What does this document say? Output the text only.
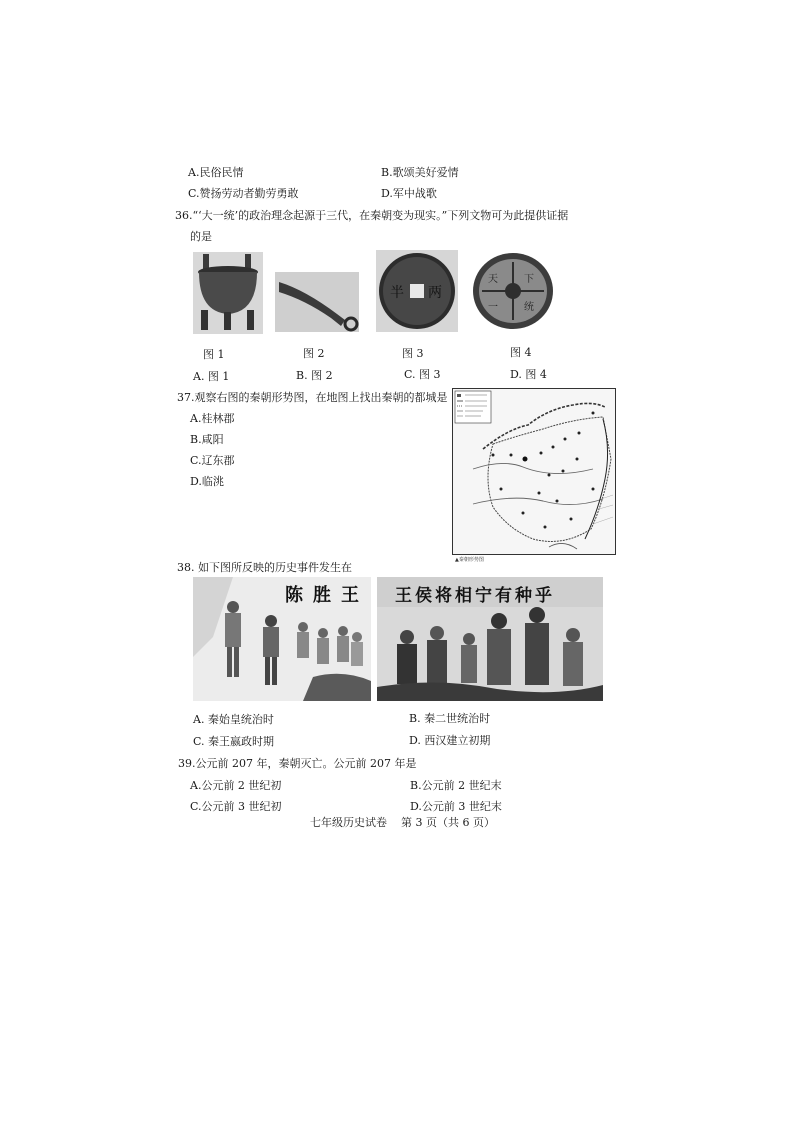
A.民俗民情	B.歌颂美好爱情
C.赞扬劳动者勤劳勇敢	D.军中战歌
36.“‘大一统’的政治理念起源于三代，在秦朝变为现实。”下列文物可为此提供证据
的是
半 两
天	下
一	统
图 1	图 2	图 3	图 4
A. 图 1	B. 图 2	C. 图 3	D. 图 4
37.观察右图的秦朝形势图，在地图上找出秦朝的都城是
A.桂林郡
B.咸阳
C.辽东郡
D.临洮
▲秦朝形势图
38. 如下图所反映的历史事件发生在
陈胜王 王侯将相宁有种乎
A. 秦始皇统治时	B. 秦二世统治时
C. 秦王嬴政时期	D. 西汉建立初期
39.公元前 207 年，秦朝灭亡。公元前 207 年是
A.公元前 2 世纪初	B.公元前 2 世纪末
C.公元前 3 世纪初	D.公元前 3 世纪末
七年级历史试卷    第 3 页（共 6 页）
